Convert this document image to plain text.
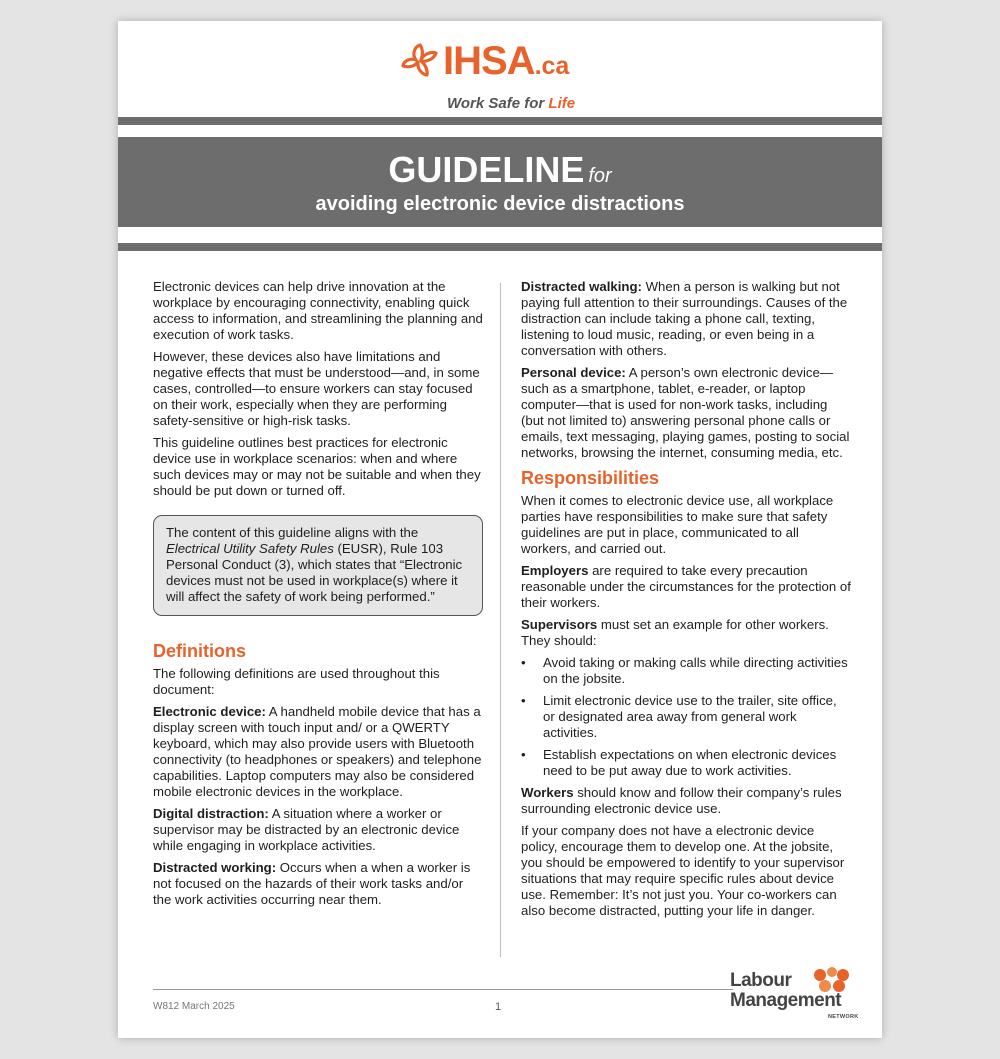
IHSA.ca
Work Safe for Life
GUIDELINE for
avoiding electronic device distractions

Electronic devices can help drive innovation at the workplace by encouraging connectivity, enabling quick access to information, and streamlining the planning and execution of work tasks.

However, these devices also have limitations and negative effects that must be understood—and, in some cases, controlled—to ensure workers can stay focused on their work, especially when they are performing safety-sensitive or high-risk tasks.

This guideline outlines best practices for electronic device use in workplace scenarios: when and where such devices may or may not be suitable and when they should be put down or turned off.

The content of this guideline aligns with the Electrical Utility Safety Rules (EUSR), Rule 103 Personal Conduct (3), which states that “Electronic devices must not be used in workplace(s) where it will affect the safety of work being performed.”

Definitions

The following definitions are used throughout this document:

Electronic device: A handheld mobile device that has a display screen with touch input and/ or a QWERTY keyboard, which may also provide users with Bluetooth connectivity (to headphones or speakers) and telephone capabilities. Laptop computers may also be considered mobile electronic devices in the workplace.

Digital distraction: A situation where a worker or supervisor may be distracted by an electronic device while engaging in workplace activities.

Distracted working: Occurs when a when a worker is not focused on the hazards of their work tasks and/or the work activities occurring near them.

Distracted walking: When a person is walking but not paying full attention to their surroundings. Causes of the distraction can include taking a phone call, texting, listening to loud music, reading, or even being in a conversation with others.

Personal device: A person’s own electronic device—such as a smartphone, tablet, e-reader, or laptop computer—that is used for non-work tasks, including (but not limited to) answering personal phone calls or emails, text messaging, playing games, posting to social networks, browsing the internet, consuming media, etc.

Responsibilities

When it comes to electronic device use, all workplace parties have responsibilities to make sure that safety guidelines are put in place, communicated to all workers, and carried out.

Employers are required to take every precaution reasonable under the circumstances for the protection of their workers.

Supervisors must set an example for other workers. They should:

• Avoid taking or making calls while directing activities on the jobsite.
• Limit electronic device use to the trailer, site office, or designated area away from general work activities.
• Establish expectations on when electronic devices need to be put away due to work activities.

Workers should know and follow their company’s rules surrounding electronic device use.

If your company does not have a electronic device policy, encourage them to develop one. At the jobsite, you should be empowered to identify to your supervisor situations that may require specific rules about device use. Remember: It’s not just you. Your co-workers can also become distracted, putting your life in danger.

W812 March 2025	1
Labour
Management
NETWORK
